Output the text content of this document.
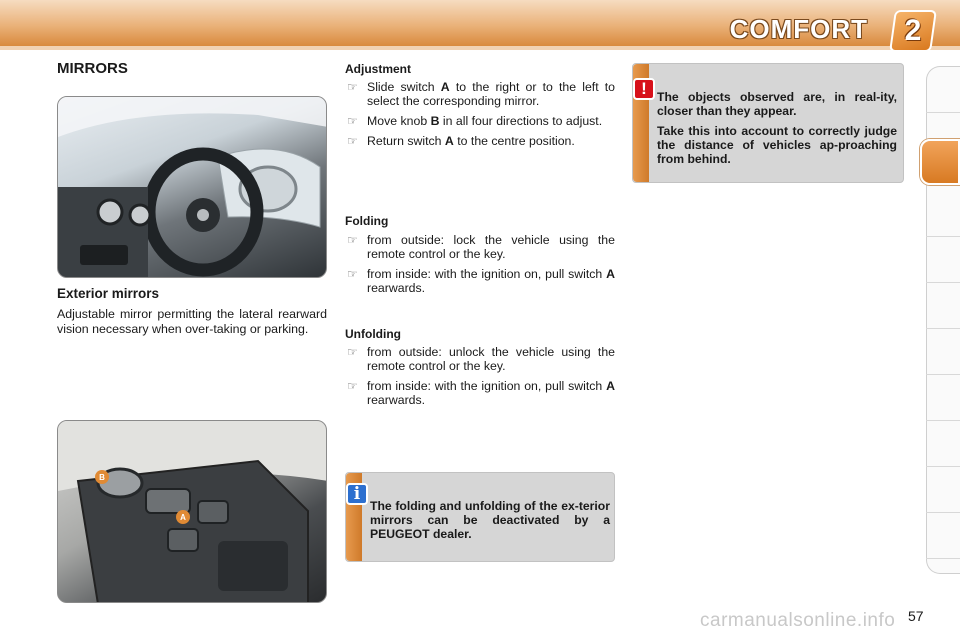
COMFORT	2
MIRRORS
Exterior mirrors
Adjustable mirror permitting the lateral rearward vision necessary when over-taking or parking.
B
A
Adjustment
☞ Slide switch A to the right or to the left to select the corresponding mirror.
☞ Move knob B in all four directions to adjust.
☞ Return switch A to the centre position.
Folding
☞ from outside: lock the vehicle using the remote control or the key.
☞ from inside: with the ignition on, pull switch A rearwards.
Unfolding
☞ from outside: unlock the vehicle using the remote control or the key.
☞ from inside: with the ignition on, pull switch A rearwards.
! The objects observed are, in real-ity, closer than they appear.

Take this into account to correctly judge the distance of vehicles ap-proaching from behind.

i
The folding and unfolding of the ex-terior mirrors can be deactivated by a PEUGEOT dealer.
carmanualsonline.info 57
